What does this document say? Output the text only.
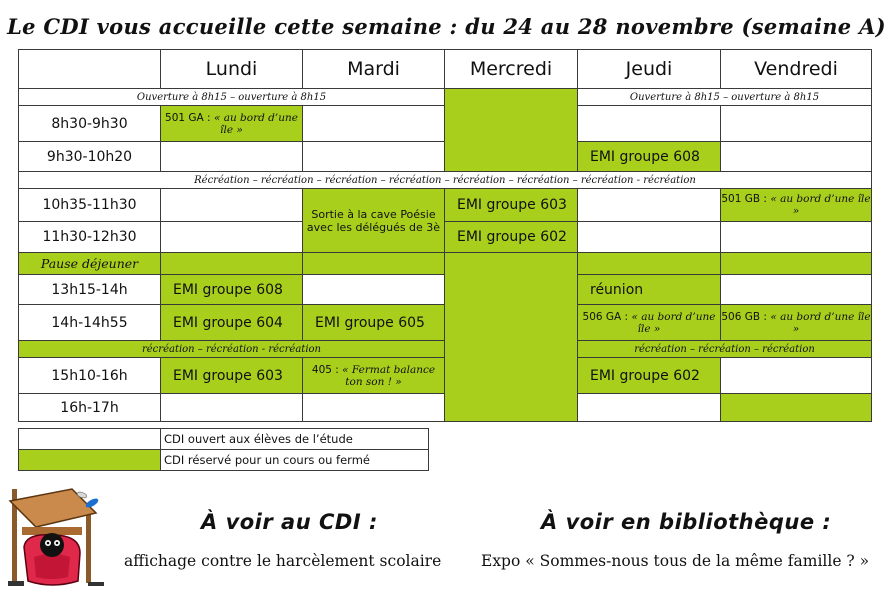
Le CDI vous accueille cette semaine : du 24 au 28 novembre (semaine A)
	Lundi	Mardi	Mercredi	Jeudi	Vendredi
Ouverture à 8h15 – ouverture à 8h15				Ouverture à 8h15 – ouverture à 8h15	
8h30-9h30	501 GA : « au bord d’une île »				
9h30-10h20				EMI groupe 608	
Récréation – récréation – récréation – récréation – récréation – récréation – récréation - récréation					
10h35-11h30		Sortie à la cave Poésie avec les délégués de 3è	EMI groupe 603		501 GB : « au bord d’une île »
11h30-12h30			EMI groupe 602		
Pause déjeuner					
13h15-14h	EMI groupe 608			réunion	
14h-14h55	EMI groupe 604	EMI groupe 605		506 GA : « au bord d’une île »	506 GB : « au bord d’une île »
récréation – récréation - récréation				récréation – récréation – récréation	
15h10-16h	EMI groupe 603	405 : « Fermat balance ton son ! »		EMI groupe 602	
16h-17h					
	CDI ouvert aux élèves de l’étude
	CDI réservé pour un cours ou fermé
À voir au CDI :	À voir en bibliothèque :
affichage contre le harcèlement scolaire	Expo « Sommes-nous tous de la même famille ? »
